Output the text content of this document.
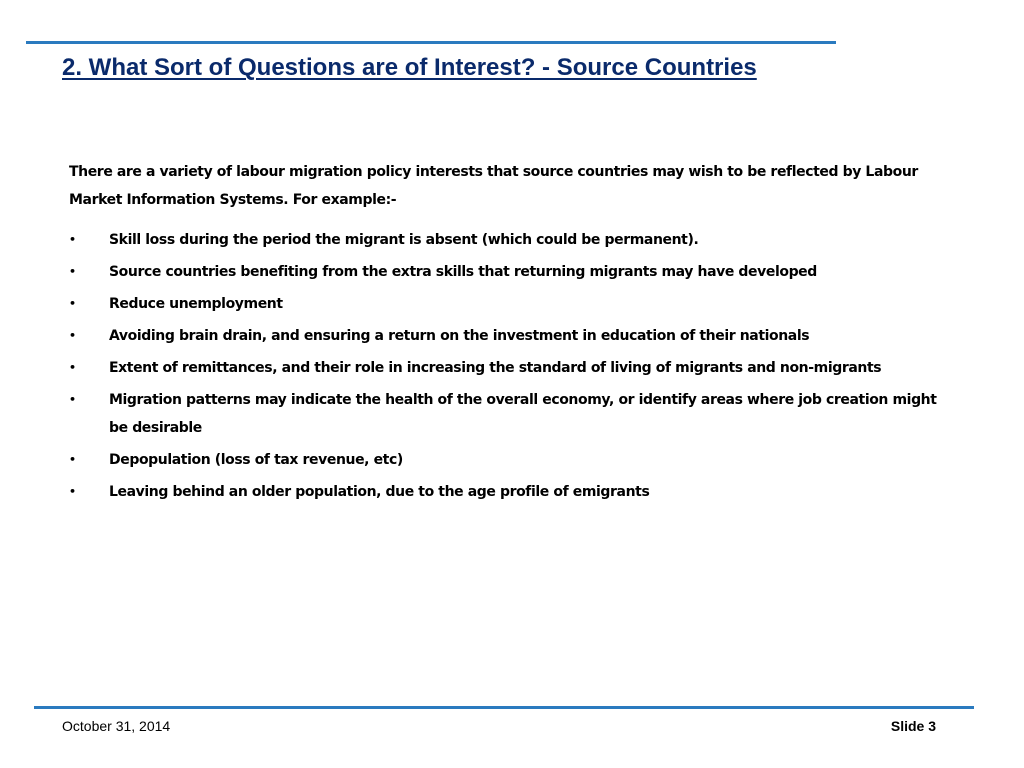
2. What Sort of Questions are of Interest? - Source Countries

There are a variety of labour migration policy interests that source countries may wish to be reflected by Labour Market Information Systems. For example:-

• Skill loss during the period the migrant is absent (which could be permanent).
• Source countries benefiting from the extra skills that returning migrants may have developed
• Reduce unemployment
• Avoiding brain drain, and ensuring a return on the investment in education of their nationals
• Extent of remittances, and their role in increasing the standard of living of migrants and non-migrants
• Migration patterns may indicate the health of the overall economy, or identify areas where job creation might be desirable
• Depopulation (loss of tax revenue, etc)
• Leaving behind an older population, due to the age profile of emigrants
October 31, 2014	Slide 3
